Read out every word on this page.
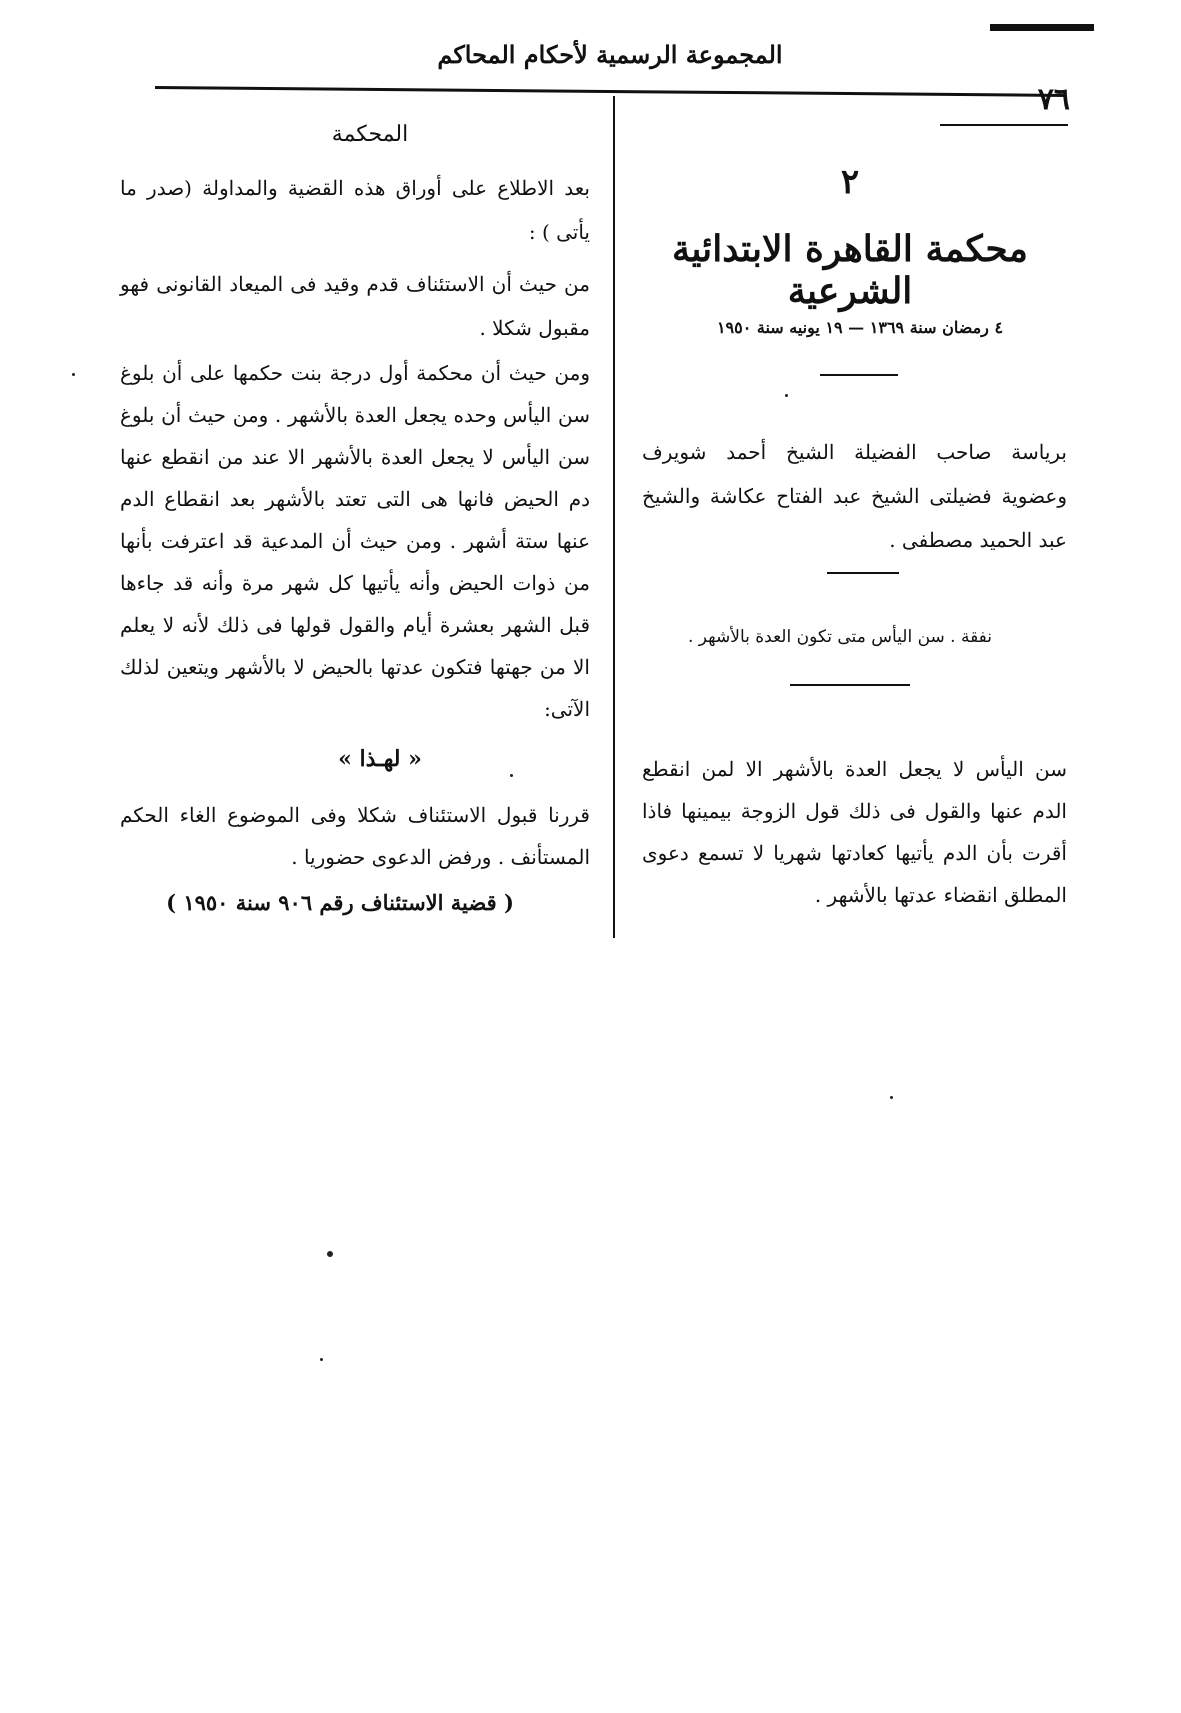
المجموعة الرسمية لأحكام المحاكم
٧٦
٢
محكمة القاهرة الابتدائية الشرعية
٤ رمضان سنة ١٣٦٩ — ١٩ يونيه سنة ١٩٥٠
برياسة صاحب الفضيلة الشيخ أحمد شويرف وعضوية فضيلتى الشيخ عبد الفتاح عكاشة والشيخ عبد الحميد مصطفى .
نفقة . سن اليأس متى تكون العدة بالأشهر .
سن اليأس لا يجعل العدة بالأشهر الا لمن انقطع الدم عنها والقول فى ذلك قول الزوجة بيمينها فاذا أقرت بأن الدم يأتيها كعادتها شهريا لا تسمع دعوى المطلق انقضاء عدتها بالأشهر .
المحكمة
بعد الاطلاع على أوراق هذه القضية والمداولة (صدر ما يأتى ) :
من حيث أن الاستئناف قدم وقيد فى الميعاد القانونى فهو مقبول شكلا .
ومن حيث أن محكمة أول درجة بنت حكمها على أن بلوغ سن اليأس وحده يجعل العدة بالأشهر . ومن حيث أن بلوغ سن اليأس لا يجعل العدة بالأشهر الا عند من انقطع عنها دم الحيض فانها هى التى تعتد بالأشهر بعد انقطاع الدم عنها ستة أشهر . ومن حيث أن المدعية قد اعترفت بأنها من ذوات الحيض وأنه يأتيها كل شهر مرة وأنه قد جاءها قبل الشهر بعشرة أيام والقول قولها فى ذلك لأنه لا يعلم الا من جهتها فتكون عدتها بالحيض لا بالأشهر ويتعين لذلك الآتى:
« لهـذا »
قررنا قبول الاستئناف شكلا وفى الموضوع الغاء الحكم المستأنف . ورفض الدعوى حضوريا .
( قضية الاستئناف رقم ٩٠٦ سنة ١٩٥٠ )
